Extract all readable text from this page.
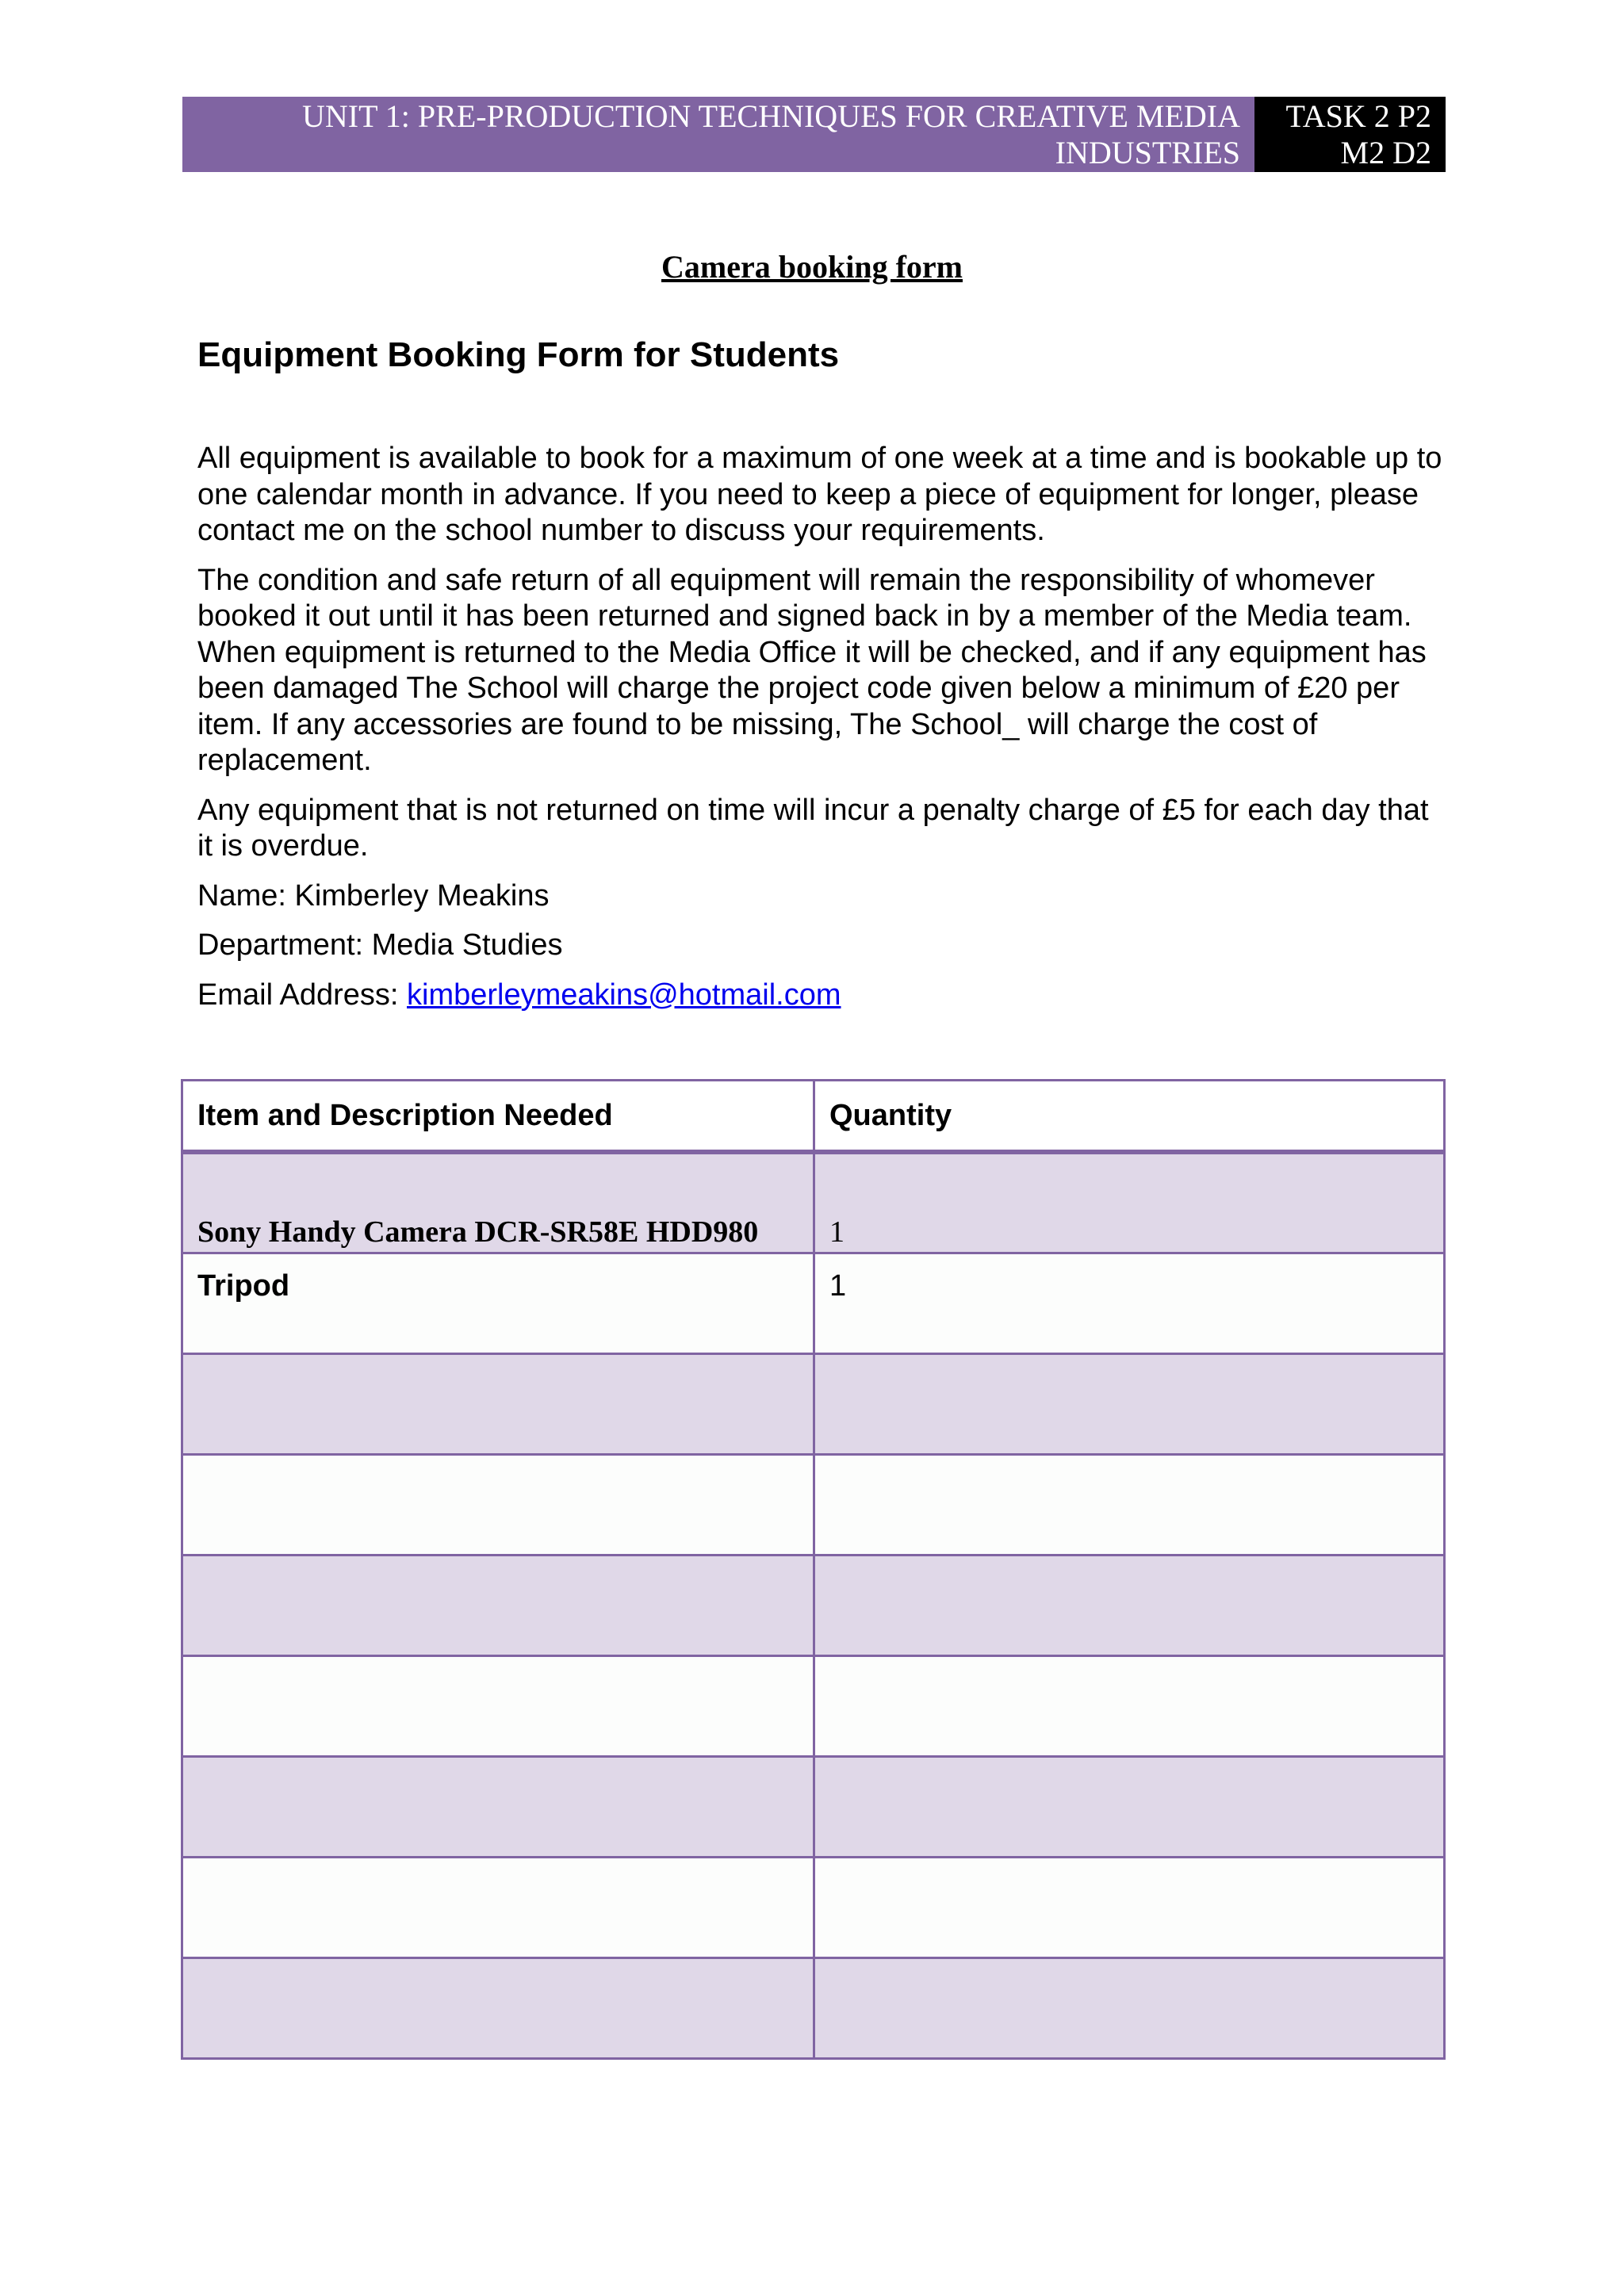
UNIT 1: PRE-PRODUCTION TECHNIQUES FOR CREATIVE MEDIA
INDUSTRIES
TASK 2 P2
M2 D2
Camera booking form
Equipment Booking Form for Students

All equipment is available to book for a maximum of one week at a time and is bookable up to one calendar month in advance. If you need to keep a piece of equipment for longer, please contact me on the school number to discuss your requirements.

The condition and safe return of all equipment will remain the responsibility of whomever booked it out until it has been returned and signed back in by a member of the Media team. When equipment is returned to the Media Office it will be checked, and if any equipment has been damaged The School will charge the project code given below a minimum of £20 per item. If any accessories are found to be missing, The School_ will charge the cost of replacement.

Any equipment that is not returned on time will incur a penalty charge of £5 for each day that it is overdue.

Name: Kimberley Meakins
Department: Media Studies
Email Address: kimberleymeakins@hotmail.com
Item and Description Needed	Quantity
Sony Handy Camera DCR-SR58E HDD980	1
Tripod	1
